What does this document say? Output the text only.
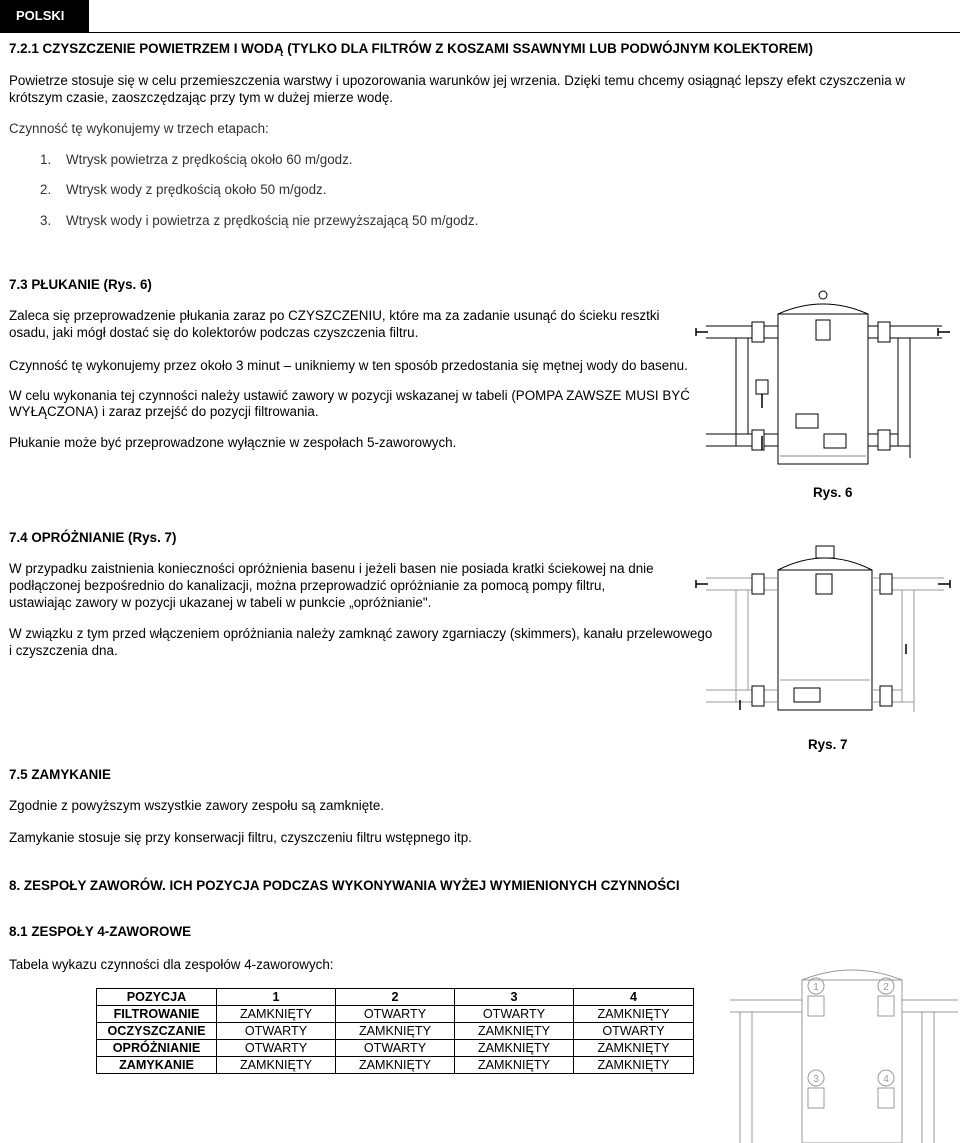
POLSKI
7.2.1 CZYSZCZENIE POWIETRZEM I WODĄ (TYLKO DLA FILTRÓW Z KOSZAMI SSAWNYMI LUB PODWÓJNYM KOLEKTOREM)
Powietrze stosuje się w celu przemieszczenia warstwy i upozorowania warunków jej wrzenia. Dzięki temu chcemy osiągnąć lepszy efekt czyszczenia w
krótszym czasie, zaoszczędzając przy tym w dużej mierze wodę.
Czynność tę wykonujemy w trzech etapach:
1. Wtrysk powietrza z prędkością około 60 m/godz.
2. Wtrysk wody z prędkością około 50 m/godz.
3. Wtrysk wody i powietrza z prędkością nie przewyższającą 50 m/godz.
7.3 PŁUKANIE (Rys. 6)
Zaleca się przeprowadzenie płukania zaraz po CZYSZCZENIU, które ma za zadanie usunąć do ścieku resztki
osadu, jaki mógł dostać się do kolektorów podczas czyszczenia filtru.
Czynność tę wykonujemy przez około 3 minut – unikniemy w ten sposób przedostania się mętnej wody do basenu.
W celu wykonania tej czynności należy ustawić zawory w pozycji wskazanej w tabeli (POMPA ZAWSZE MUSI BYĆ
WYŁĄCZONA) i zaraz przejść do pozycji filtrowania.
Płukanie może być przeprowadzone wyłącznie w zespołach 5-zaworowych.
Rys. 6
7.4 OPRÓŻNIANIE (Rys. 7)
W przypadku zaistnienia konieczności opróżnienia basenu i jeżeli basen nie posiada kratki ściekowej na dnie
podłączonej bezpośrednio do kanalizacji, można przeprowadzić opróżnianie za pomocą pompy filtru,
ustawiając zawory w pozycji ukazanej w tabeli w punkcie „opróżnianie".
W związku z tym przed włączeniem opróżniania należy zamknąć zawory zgarniaczy (skimmers), kanału przelewowego
i czyszczenia dna.
Rys. 7
7.5 ZAMYKANIE
Zgodnie z powyższym wszystkie zawory zespołu są zamknięte.
Zamykanie stosuje się przy konserwacji filtru, czyszczeniu filtru wstępnego itp.
8. ZESPOŁY ZAWORÓW. ICH POZYCJA PODCZAS WYKONYWANIA WYŻEJ WYMIENIONYCH CZYNNOŚCI
8.1 ZESPOŁY 4-ZAWOROWE
Tabela wykazu czynności dla zespołów 4-zaworowych:
POZYCJA	1	2	3	4
FILTROWANIE	ZAMKNIĘTY	OTWARTY	OTWARTY	ZAMKNIĘTY
OCZYSZCZANIE	OTWARTY	ZAMKNIĘTY	ZAMKNIĘTY	OTWARTY
OPRÓŻNIANIE	OTWARTY	OTWARTY	ZAMKNIĘTY	ZAMKNIĘTY
ZAMYKANIE	ZAMKNIĘTY	ZAMKNIĘTY	ZAMKNIĘTY	ZAMKNIĘTY
1	2
3	4
